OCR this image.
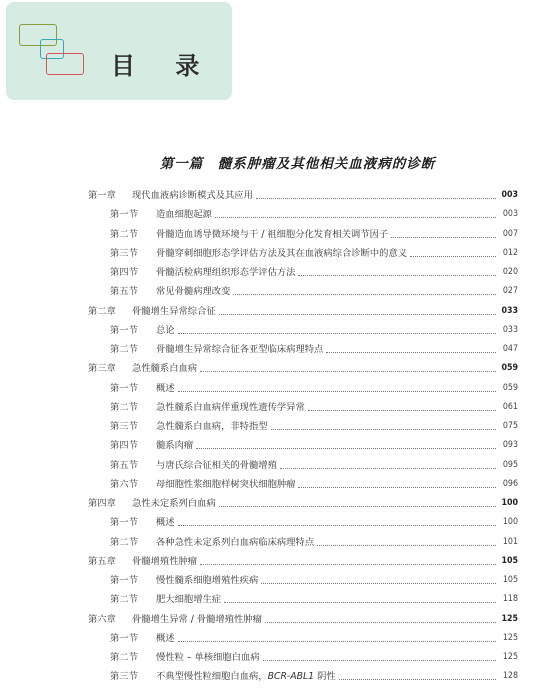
目 录
第一篇　髓系肿瘤及其他相关血液病的诊断
第一章	现代血液病诊断模式及其应用	003
第一节	造血细胞起源	003
第二节	骨髓造血诱导微环境与干 / 祖细胞分化发育相关调节因子	007
第三节	骨髓穿刺细胞形态学评估方法及其在血液病综合诊断中的意义	012
第四节	骨髓活检病理组织形态学评估方法	020
第五节	常见骨髓病理改变	027
第二章	骨髓增生异常综合征	033
第一节	总论	033
第二节	骨髓增生异常综合征各亚型临床病理特点	047
第三章	急性髓系白血病	059
第一节	概述	059
第二节	急性髓系白血病伴重现性遗传学异常	061
第三节	急性髓系白血病，非特指型	075
第四节	髓系肉瘤	093
第五节	与唐氏综合征相关的骨髓增殖	095
第六节	母细胞性浆细胞样树突状细胞肿瘤	096
第四章	急性未定系列白血病	100
第一节	概述	100
第二节	各种急性未定系列白血病临床病理特点	101
第五章	骨髓增殖性肿瘤	105
第一节	慢性髓系细胞增殖性疾病	105
第二节	肥大细胞增生症	118
第六章	骨髓增生异常 / 骨髓增殖性肿瘤	125
第一节	概述	125
第二节	慢性粒 – 单核细胞白血病	125
第三节	不典型慢性粒细胞白血病，BCR-ABL1 阴性	128
